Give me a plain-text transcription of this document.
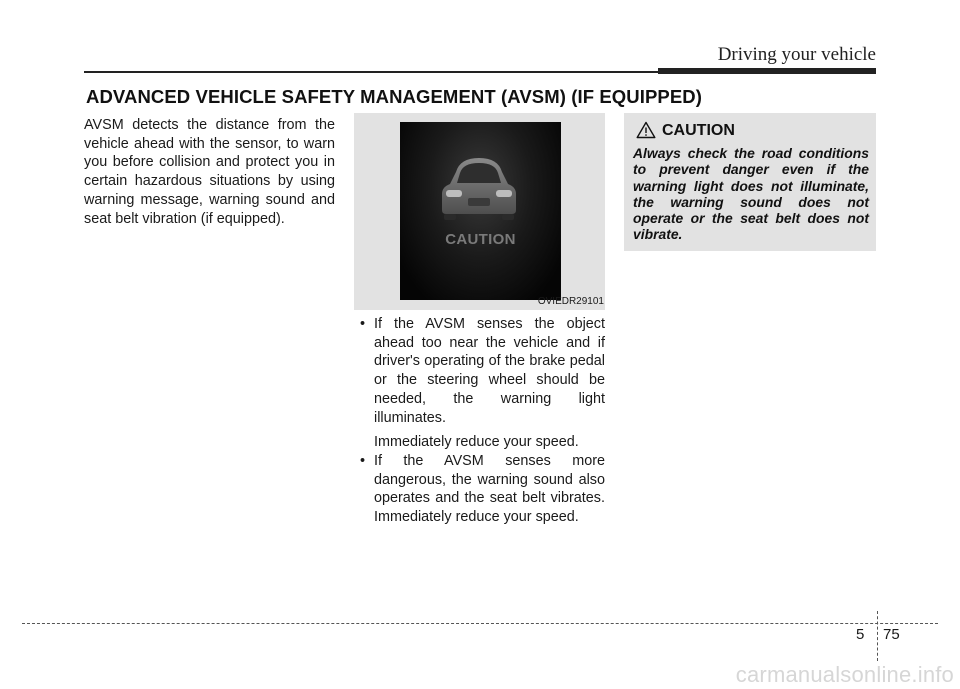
Driving your vehicle
ADVANCED VEHICLE SAFETY MANAGEMENT (AVSM) (IF EQUIPPED)
AVSM detects the distance from the vehicle ahead with the sensor, to warn you before collision and protect you in certain hazardous situations by using warning message, warning sound and seat belt vibration (if equipped).
CAUTION
OVIEDR29101
• If the AVSM senses the object ahead too near the vehicle and if driver's operating of the brake pedal or the steering wheel should be needed, the warning light illuminates.
Immediately reduce your speed.
• If the AVSM senses more dangerous, the warning sound also operates and the seat belt vibrates. Immediately reduce your speed.
CAUTION
Always check the road conditions to prevent danger even if the warning light does not illuminate, the warning sound does not operate or the seat belt does not vibrate.
5 75
carmanualsonline.info
